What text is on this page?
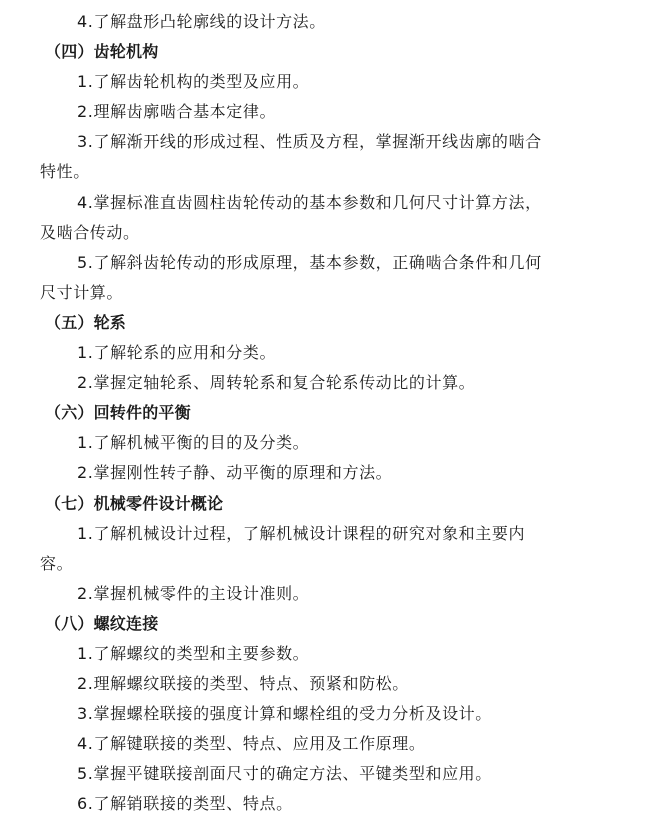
4.了解盘形凸轮廓线的设计方法。
（四）齿轮机构
1.了解齿轮机构的类型及应用。
2.理解齿廓啮合基本定律。
3.了解渐开线的形成过程、性质及方程，掌握渐开线齿廓的啮合
特性。
4.掌握标准直齿圆柱齿轮传动的基本参数和几何尺寸计算方法，
及啮合传动。
5.了解斜齿轮传动的形成原理，基本参数，正确啮合条件和几何
尺寸计算。
（五）轮系
1.了解轮系的应用和分类。
2.掌握定轴轮系、周转轮系和复合轮系传动比的计算。
（六）回转件的平衡
1.了解机械平衡的目的及分类。
2.掌握刚性转子静、动平衡的原理和方法。
（七）机械零件设计概论
1.了解机械设计过程，了解机械设计课程的研究对象和主要内
容。
2.掌握机械零件的主设计准则。
（八）螺纹连接
1.了解螺纹的类型和主要参数。
2.理解螺纹联接的类型、特点、预紧和防松。
3.掌握螺栓联接的强度计算和螺栓组的受力分析及设计。
4.了解键联接的类型、特点、应用及工作原理。
5.掌握平键联接剖面尺寸的确定方法、平键类型和应用。
6.了解销联接的类型、特点。
